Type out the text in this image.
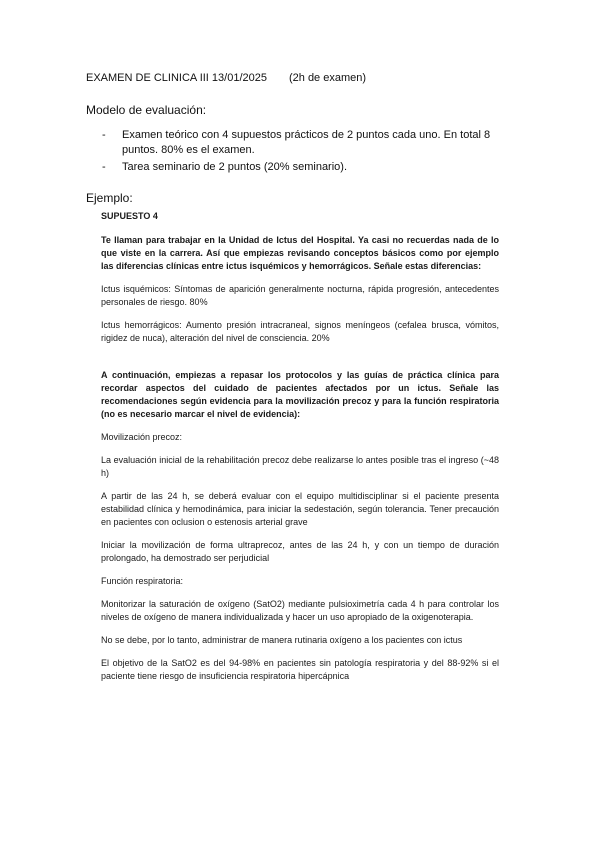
EXAMEN DE CLINICA III 13/01/2025 (2h de examen)
Modelo de evaluación:
- Examen teórico con 4 supuestos prácticos de 2 puntos cada uno. En total 8 puntos. 80% es el examen.
- Tarea seminario de 2 puntos (20% seminario).
Ejemplo:

SUPUESTO 4

Te llaman para trabajar en la Unidad de Ictus del Hospital. Ya casi no recuerdas nada de lo que viste en la carrera. Así que empiezas revisando conceptos básicos como por ejemplo las diferencias clínicas entre ictus isquémicos y hemorrágicos. Señale estas diferencias:

Ictus isquémicos: Síntomas de aparición generalmente nocturna, rápida progresión, antecedentes personales de riesgo. 80%

Ictus hemorrágicos: Aumento presión intracraneal, signos meníngeos (cefalea brusca, vómitos, rigidez de nuca), alteración del nivel de consciencia. 20%

A continuación, empiezas a repasar los protocolos y las guías de práctica clínica para recordar aspectos del cuidado de pacientes afectados por un ictus. Señale las recomendaciones según evidencia para la movilización precoz y para la función respiratoria (no es necesario marcar el nivel de evidencia):

Movilización precoz:

La evaluación inicial de la rehabilitación precoz debe realizarse lo antes posible tras el ingreso (~48 h)

A partir de las 24 h, se deberá evaluar con el equipo multidisciplinar si el paciente presenta estabilidad clínica y hemodinámica, para iniciar la sedestación, según tolerancia. Tener precaución en pacientes con oclusion o estenosis arterial grave

Iniciar la movilización de forma ultraprecoz, antes de las 24 h, y con un tiempo de duración prolongado, ha demostrado ser perjudicial

Función respiratoria:

Monitorizar la saturación de oxígeno (SatO2) mediante pulsioximetría cada 4 h para controlar los niveles de oxígeno de manera individualizada y hacer un uso apropiado de la oxigenoterapia.

No se debe, por lo tanto, administrar de manera rutinaria oxígeno a los pacientes con ictus

El objetivo de la SatO2 es del 94-98% en pacientes sin patología respiratoria y del 88-92% si el paciente tiene riesgo de insuficiencia respiratoria hipercápnica
